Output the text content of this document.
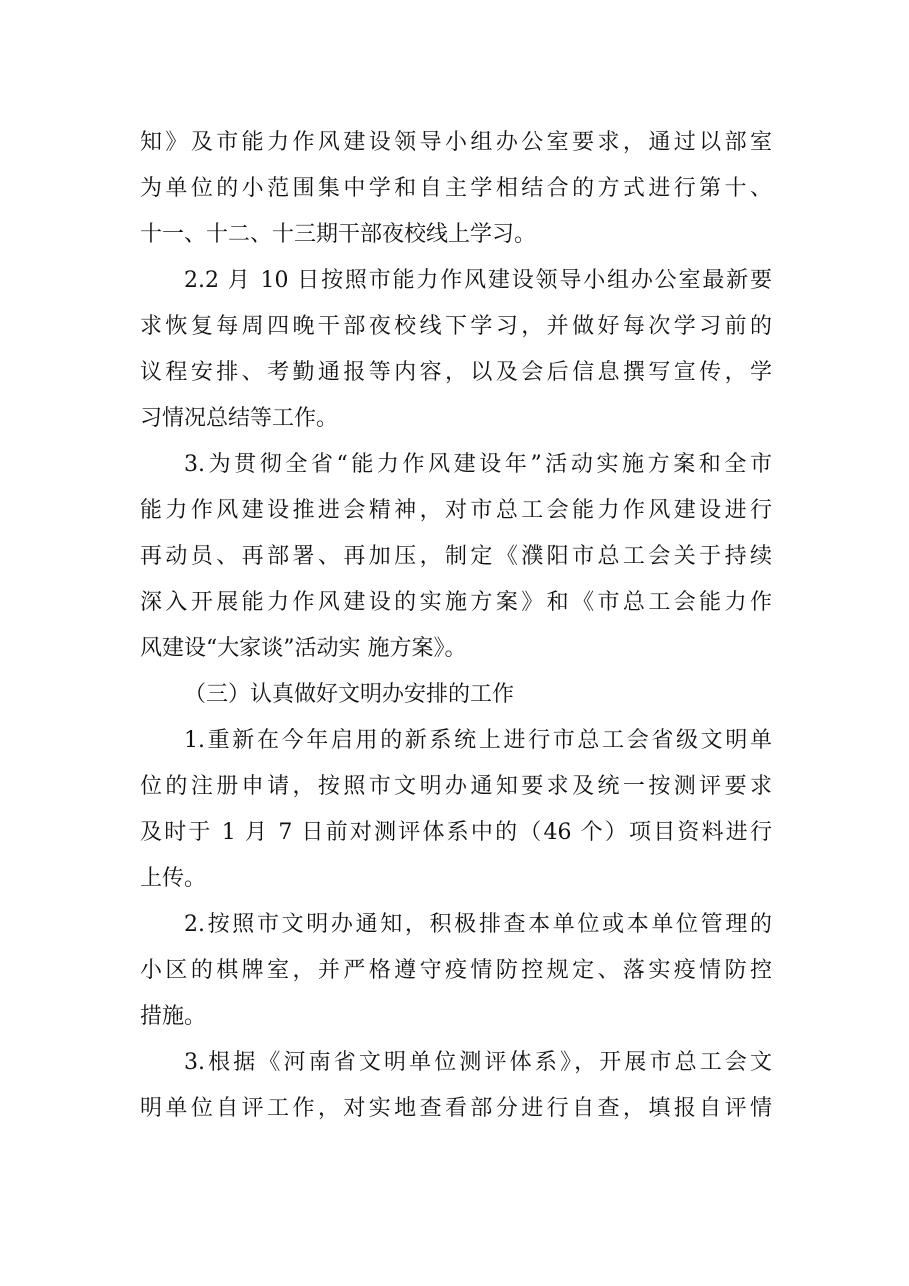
知》及市能力作风建设领导小组办公室要求，通过以部室
为单位的小范围集中学和自主学相结合的方式进行第十、
十一、十二、十三期干部夜校线上学习。
2.2 月 10 日按照市能力作风建设领导小组办公室最新要
求恢复每周四晚干部夜校线下学习，并做好每次学习前的
议程安排、考勤通报等内容，以及会后信息撰写宣传，学
习情况总结等工作。
3.为贯彻全省“能力作风建设年”活动实施方案和全市
能力作风建设推进会精神，对市总工会能力作风建设进行
再动员、再部署、再加压，制定《濮阳市总工会关于持续
深入开展能力作风建设的实施方案》和《市总工会能力作
风建设“大家谈”活动实 施方案》。
（三）认真做好文明办安排的工作
1.重新在今年启用的新系统上进行市总工会省级文明单
位的注册申请，按照市文明办通知要求及统一按测评要求
及时于 1 月 7 日前对测评体系中的（46 个）项目资料进行
上传。
2.按照市文明办通知，积极排查本单位或本单位管理的
小区的棋牌室，并严格遵守疫情防控规定、落实疫情防控
措施。
3.根据《河南省文明单位测评体系》，开展市总工会文
明单位自评工作，对实地查看部分进行自查，填报自评情
